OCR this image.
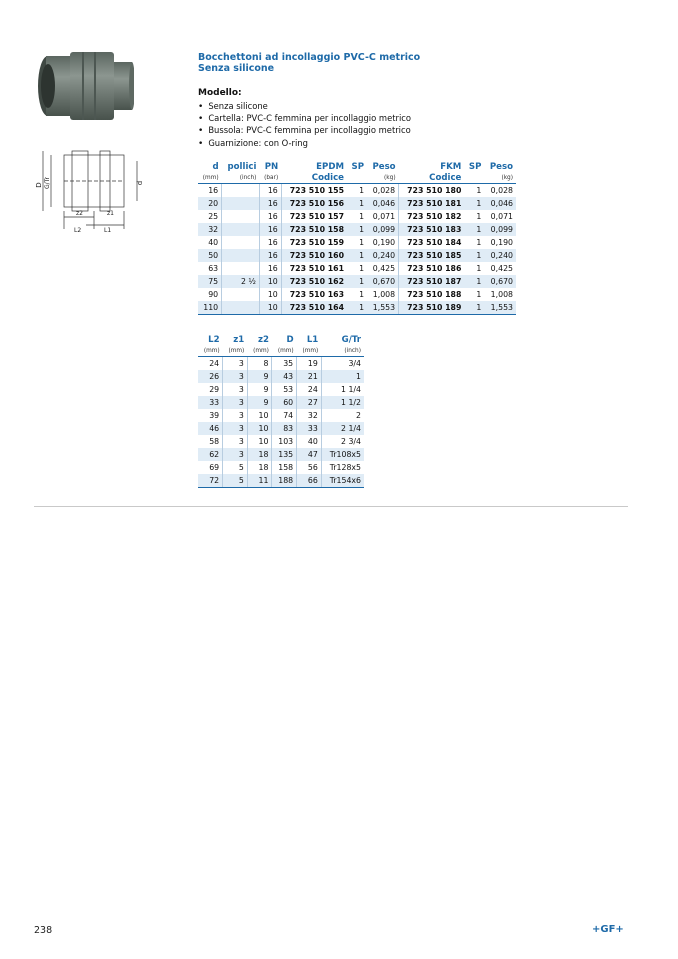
D G/Tr	d
z2	z1
L2	L1
Bocchettoni ad incollaggio PVC-C metrico
Senza silicone
Modello:
• Senza silicone
• Cartella: PVC-C femmina per incollaggio metrico
• Bussola: PVC-C femmina per incollaggio metrico
• Guarnizione: con O-ring
d	pollici	PN	EPDM	SP	Peso	FKM	SP	Peso
(mm)	(inch)	(bar)	Codice		(kg)	Codice		(kg)
16		16	723 510 155	1	0,028	723 510 180	1	0,028
20		16	723 510 156	1	0,046	723 510 181	1	0,046
25		16	723 510 157	1	0,071	723 510 182	1	0,071
32		16	723 510 158	1	0,099	723 510 183	1	0,099
40		16	723 510 159	1	0,190	723 510 184	1	0,190
50		16	723 510 160	1	0,240	723 510 185	1	0,240
63		16	723 510 161	1	0,425	723 510 186	1	0,425
75	2 ½	10	723 510 162	1	0,670	723 510 187	1	0,670
90		10	723 510 163	1	1,008	723 510 188	1	1,008
110		10	723 510 164	1	1,553	723 510 189	1	1,553
L2	z1	z2	D	L1	G/Tr
(mm)	(mm)	(mm)	(mm)	(mm)	(inch)
24	3	8	35	19	3/4
26	3	9	43	21	1
29	3	9	53	24	1 1/4
33	3	9	60	27	1 1/2
39	3	10	74	32	2
46	3	10	83	33	2 1/4
58	3	10	103	40	2 3/4
62	3	18	135	47	Tr108x5
69	5	18	158	56	Tr128x5
72	5	11	188	66	Tr154x6
238	+GF+
